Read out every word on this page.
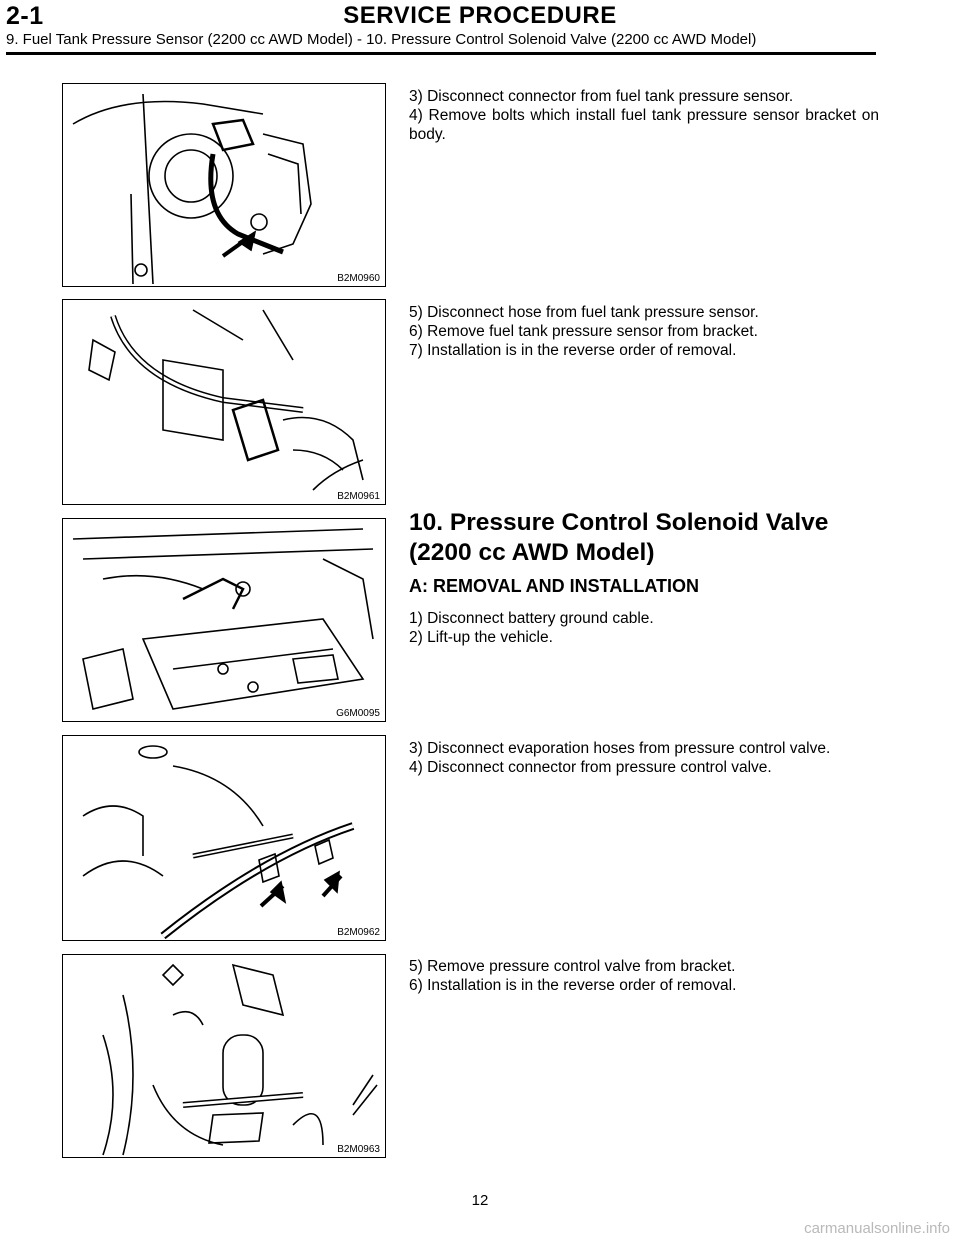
2-1	SERVICE PROCEDURE
9. Fuel Tank Pressure Sensor (2200 cc AWD Model) - 10. Pressure Control Solenoid Valve (2200 cc AWD Model)
B2M0960
B2M0961
G6M0095
B2M0962
B2M0963

3) Disconnect connector from fuel tank pressure sensor.

4) Remove bolts which install fuel tank pressure sensor bracket on body.

5) Disconnect hose from fuel tank pressure sensor.

6) Remove fuel tank pressure sensor from bracket.

7) Installation is in the reverse order of removal.

10. Pressure Control Solenoid Valve
(2200 cc AWD Model)
A: REMOVAL AND INSTALLATION

1) Disconnect battery ground cable.

2) Lift-up the vehicle.

3) Disconnect evaporation hoses from pressure control valve.

4) Disconnect connector from pressure control valve.

5) Remove pressure control valve from bracket.

6) Installation is in the reverse order of removal.

12
carmanualsonline.info
